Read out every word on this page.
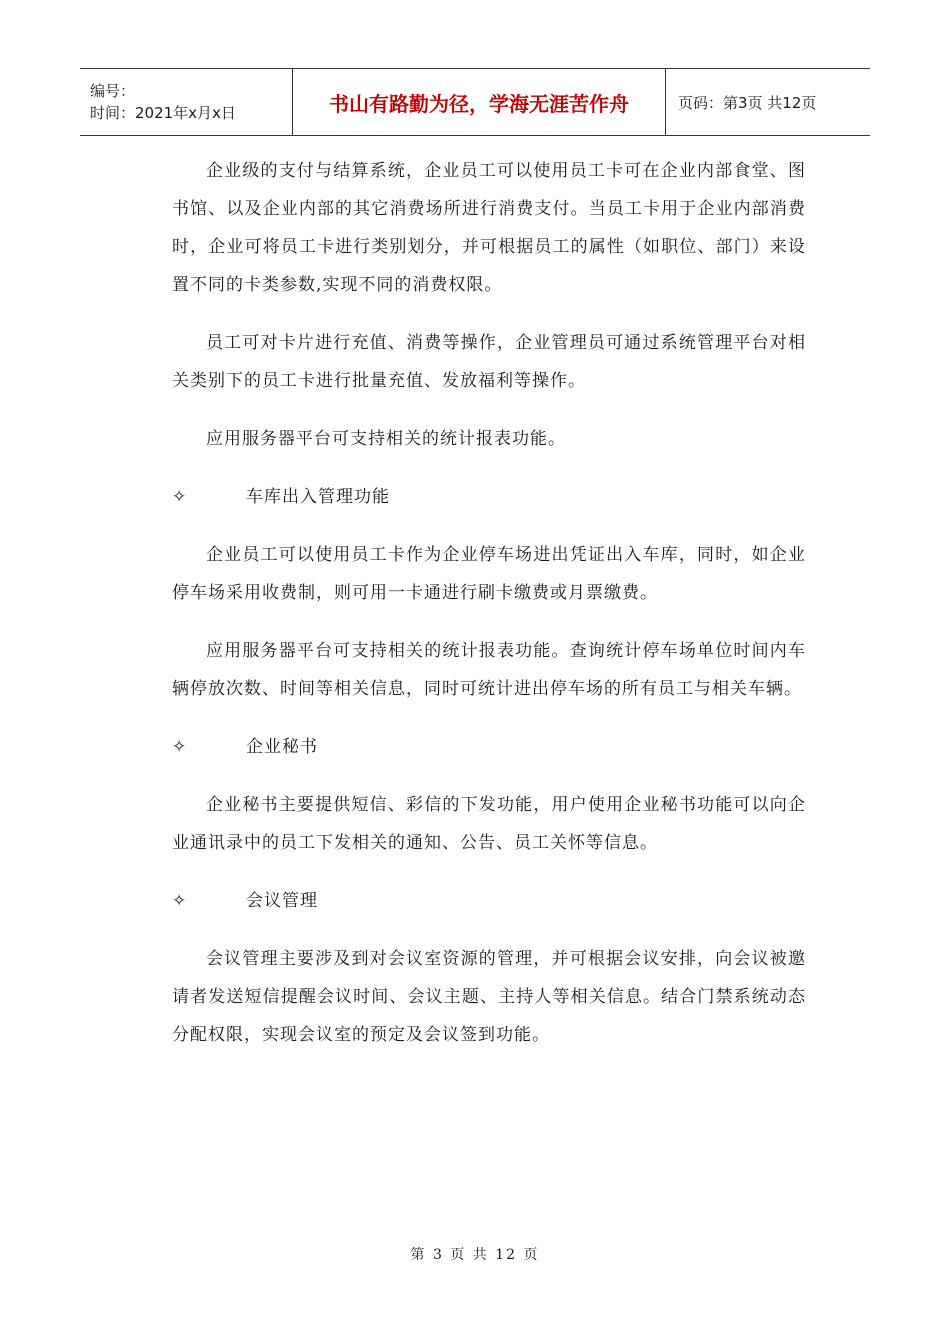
编号：
时间：2021年x月x日	书山有路勤为径，学海无涯苦作舟	页码：第3页 共12页

企业级的支付与结算系统，企业员工可以使用员工卡可在企业内部食堂、图书馆、以及企业内部的其它消费场所进行消费支付。当员工卡用于企业内部消费时，企业可将员工卡进行类别划分，并可根据员工的属性（如职位、部门）来设置不同的卡类参数,实现不同的消费权限。

员工可对卡片进行充值、消费等操作，企业管理员可通过系统管理平台对相关类别下的员工卡进行批量充值、发放福利等操作。

应用服务器平台可支持相关的统计报表功能。

✧	车库出入管理功能

企业员工可以使用员工卡作为企业停车场进出凭证出入车库，同时，如企业停车场采用收费制，则可用一卡通进行刷卡缴费或月票缴费。

应用服务器平台可支持相关的统计报表功能。查询统计停车场单位时间内车辆停放次数、时间等相关信息，同时可统计进出停车场的所有员工与相关车辆。

✧	企业秘书

企业秘书主要提供短信、彩信的下发功能，用户使用企业秘书功能可以向企业通讯录中的员工下发相关的通知、公告、员工关怀等信息。

✧	会议管理

会议管理主要涉及到对会议室资源的管理，并可根据会议安排，向会议被邀请者发送短信提醒会议时间、会议主题、主持人等相关信息。结合门禁系统动态分配权限，实现会议室的预定及会议签到功能。

第 3 页 共 12 页
